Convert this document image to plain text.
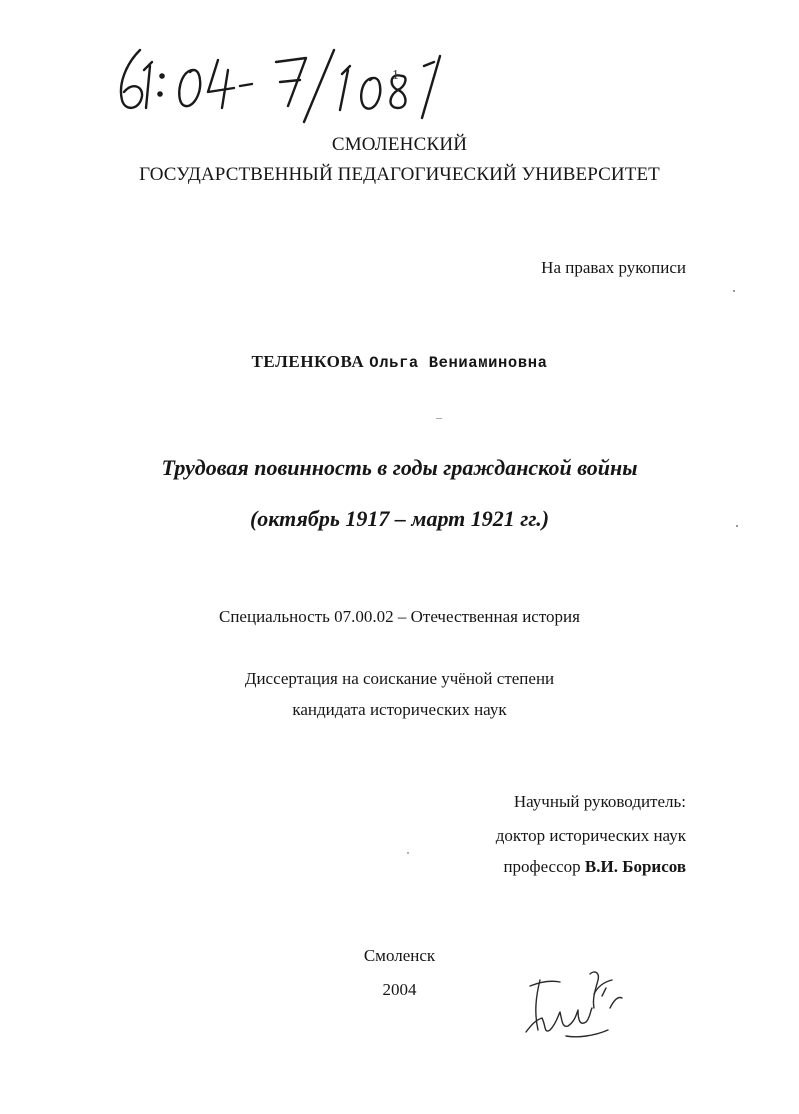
1
СМОЛЕНСКИЙ
ГОСУДАРСТВЕННЫЙ ПЕДАГОГИЧЕСКИЙ УНИВЕРСИТЕТ
На правах рукописи
ТЕЛЕНКОВА Ольга Вениаминовна
Трудовая повинность в годы гражданской войны
(октябрь 1917 – март 1921 гг.)
Специальность 07.00.02 – Отечественная история
Диссертация на соискание учёной степени
кандидата исторических наук
Научный руководитель:
доктор исторических наук
профессор В.И. Борисов
Смоленск
2004
